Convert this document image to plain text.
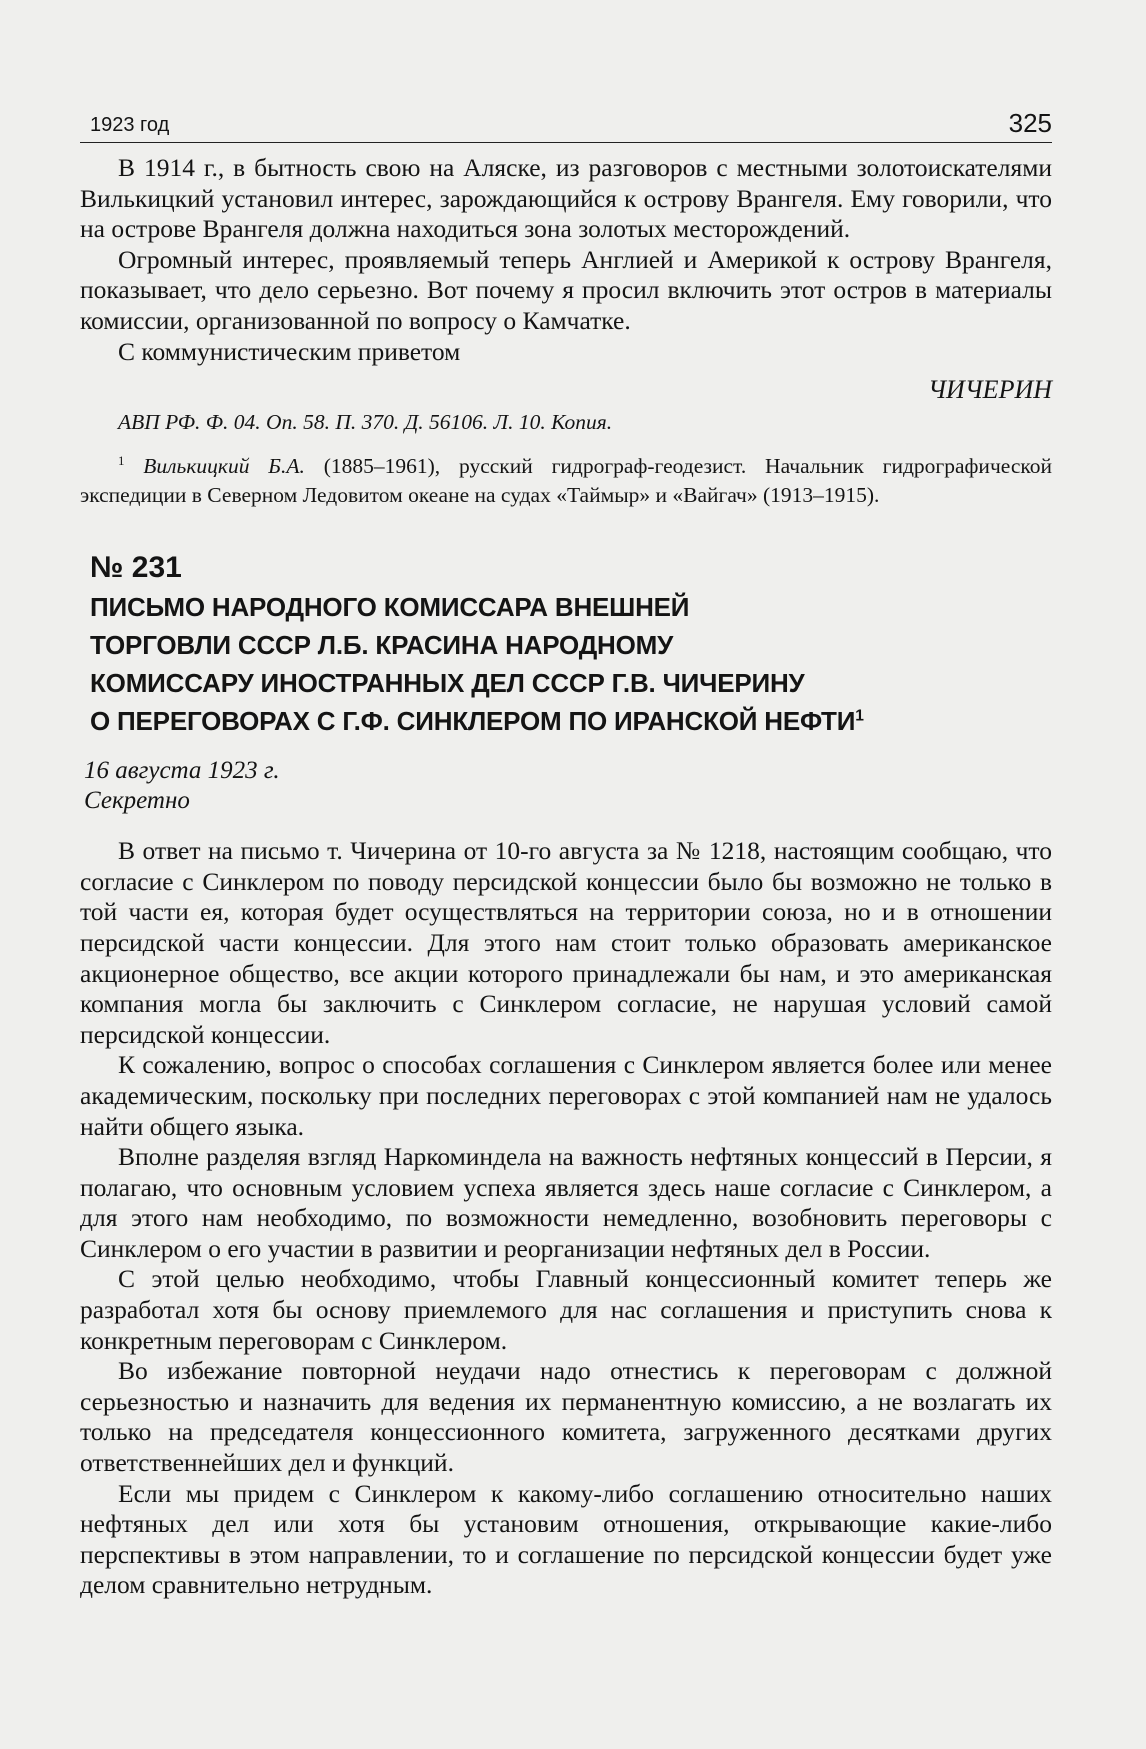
1923 год	325

В 1914 г., в бытность свою на Аляске, из разговоров с местными золотоискателями Вилькицкий установил интерес, зарождающийся к острову Врангеля. Ему говорили, что на острове Врангеля должна находиться зона золотых месторождений.

Огромный интерес, проявляемый теперь Англией и Америкой к острову Врангеля, показывает, что дело серьезно. Вот почему я просил включить этот остров в материалы комиссии, организованной по вопросу о Камчатке.

С коммунистическим приветом

ЧИЧЕРИН
АВП РФ. Ф. 04. Оп. 58. П. 370. Д. 56106. Л. 10. Копия.
$^1$ Вилькицкий Б.А. (1885–1961), русский гидрограф-геодезист. Начальник гидрографической экспедиции в Северном Ледовитом океане на судах «Таймыр» и «Вайгач» (1913–1915).
№ 231
ПИСЬМО НАРОДНОГО КОМИССАРА ВНЕШНЕЙ
ТОРГОВЛИ СССР Л.Б. КРАСИНА НАРОДНОМУ
КОМИССАРУ ИНОСТРАННЫХ ДЕЛ СССР Г.В. ЧИЧЕРИНУ
О ПЕРЕГОВОРАХ С Г.Ф. СИНКЛЕРОМ ПО ИРАНСКОЙ НЕФТИ$^1$
16 августа 1923 г.
Секретно

В ответ на письмо т. Чичерина от 10-го августа за № 1218, настоящим сообщаю, что согласие с Синклером по поводу персидской концессии было бы возможно не только в той части ея, которая будет осуществляться на территории союза, но и в отношении персидской части концессии. Для этого нам стоит только образовать американское акционерное общество, все акции которого принадлежали бы нам, и это американская компания могла бы заключить с Синклером согласие, не нарушая условий самой персидской концессии.

К сожалению, вопрос о способах соглашения с Синклером является более или менее академическим, поскольку при последних переговорах с этой компанией нам не удалось найти общего языка.

Вполне разделяя взгляд Наркоминдела на важность нефтяных концессий в Персии, я полагаю, что основным условием успеха является здесь наше согласие с Синклером, а для этого нам необходимо, по возможности немедленно, возобновить переговоры с Синклером о его участии в развитии и реорганизации нефтяных дел в России.

С этой целью необходимо, чтобы Главный концессионный комитет теперь же разработал хотя бы основу приемлемого для нас соглашения и приступить снова к конкретным переговорам с Синклером.

Во избежание повторной неудачи надо отнестись к переговорам с должной серьезностью и назначить для ведения их перманентную комиссию, а не возлагать их только на председателя концессионного комитета, загруженного десятками других ответственнейших дел и функций.

Если мы придем с Синклером к какому-либо соглашению относительно наших нефтяных дел или хотя бы установим отношения, открывающие какие-либо перспективы в этом направлении, то и соглашение по персидской концессии будет уже делом сравнительно нетрудным.
